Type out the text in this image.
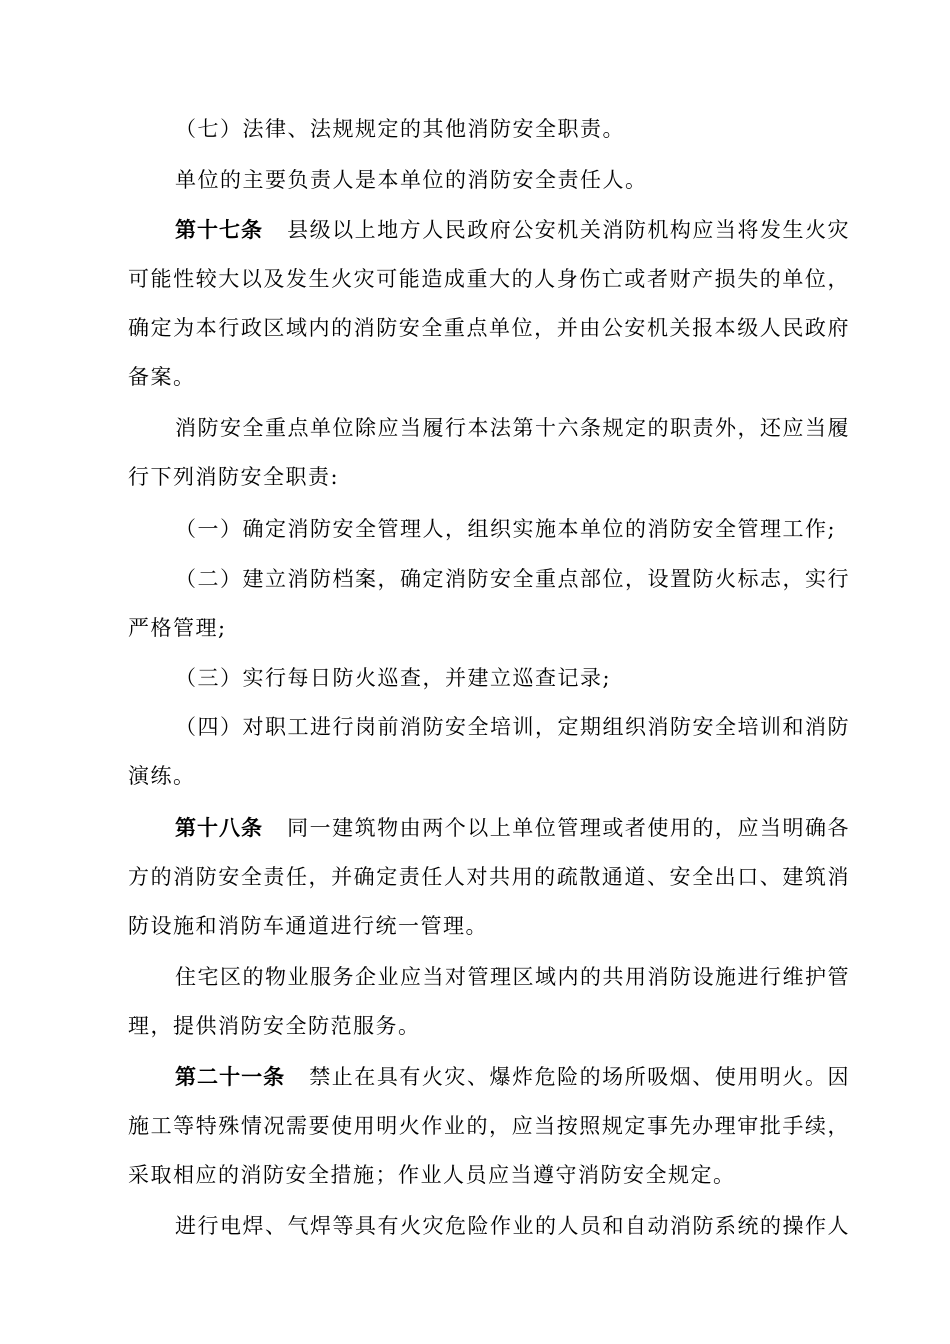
（七）法律、法规规定的其他消防安全职责。

单位的主要负责人是本单位的消防安全责任人。

第十七条 县级以上地方人民政府公安机关消防机构应当将发生火灾可能性较大以及发生火灾可能造成重大的人身伤亡或者财产损失的单位，确定为本行政区域内的消防安全重点单位，并由公安机关报本级人民政府备案。

消防安全重点单位除应当履行本法第十六条规定的职责外，还应当履行下列消防安全职责:

（一）确定消防安全管理人，组织实施本单位的消防安全管理工作;

（二）建立消防档案，确定消防安全重点部位，设置防火标志，实行严格管理;

（三）实行每日防火巡查，并建立巡查记录;

（四）对职工进行岗前消防安全培训，定期组织消防安全培训和消防演练。

第十八条 同一建筑物由两个以上单位管理或者使用的，应当明确各方的消防安全责任，并确定责任人对共用的疏散通道、安全出口、建筑消防设施和消防车通道进行统一管理。

住宅区的物业服务企业应当对管理区域内的共用消防设施进行维护管理，提供消防安全防范服务。

第二十一条 禁止在具有火灾、爆炸危险的场所吸烟、使用明火。因施工等特殊情况需要使用明火作业的，应当按照规定事先办理审批手续，采取相应的消防安全措施；作业人员应当遵守消防安全规定。

进行电焊、气焊等具有火灾危险作业的人员和自动消防系统的操作人
